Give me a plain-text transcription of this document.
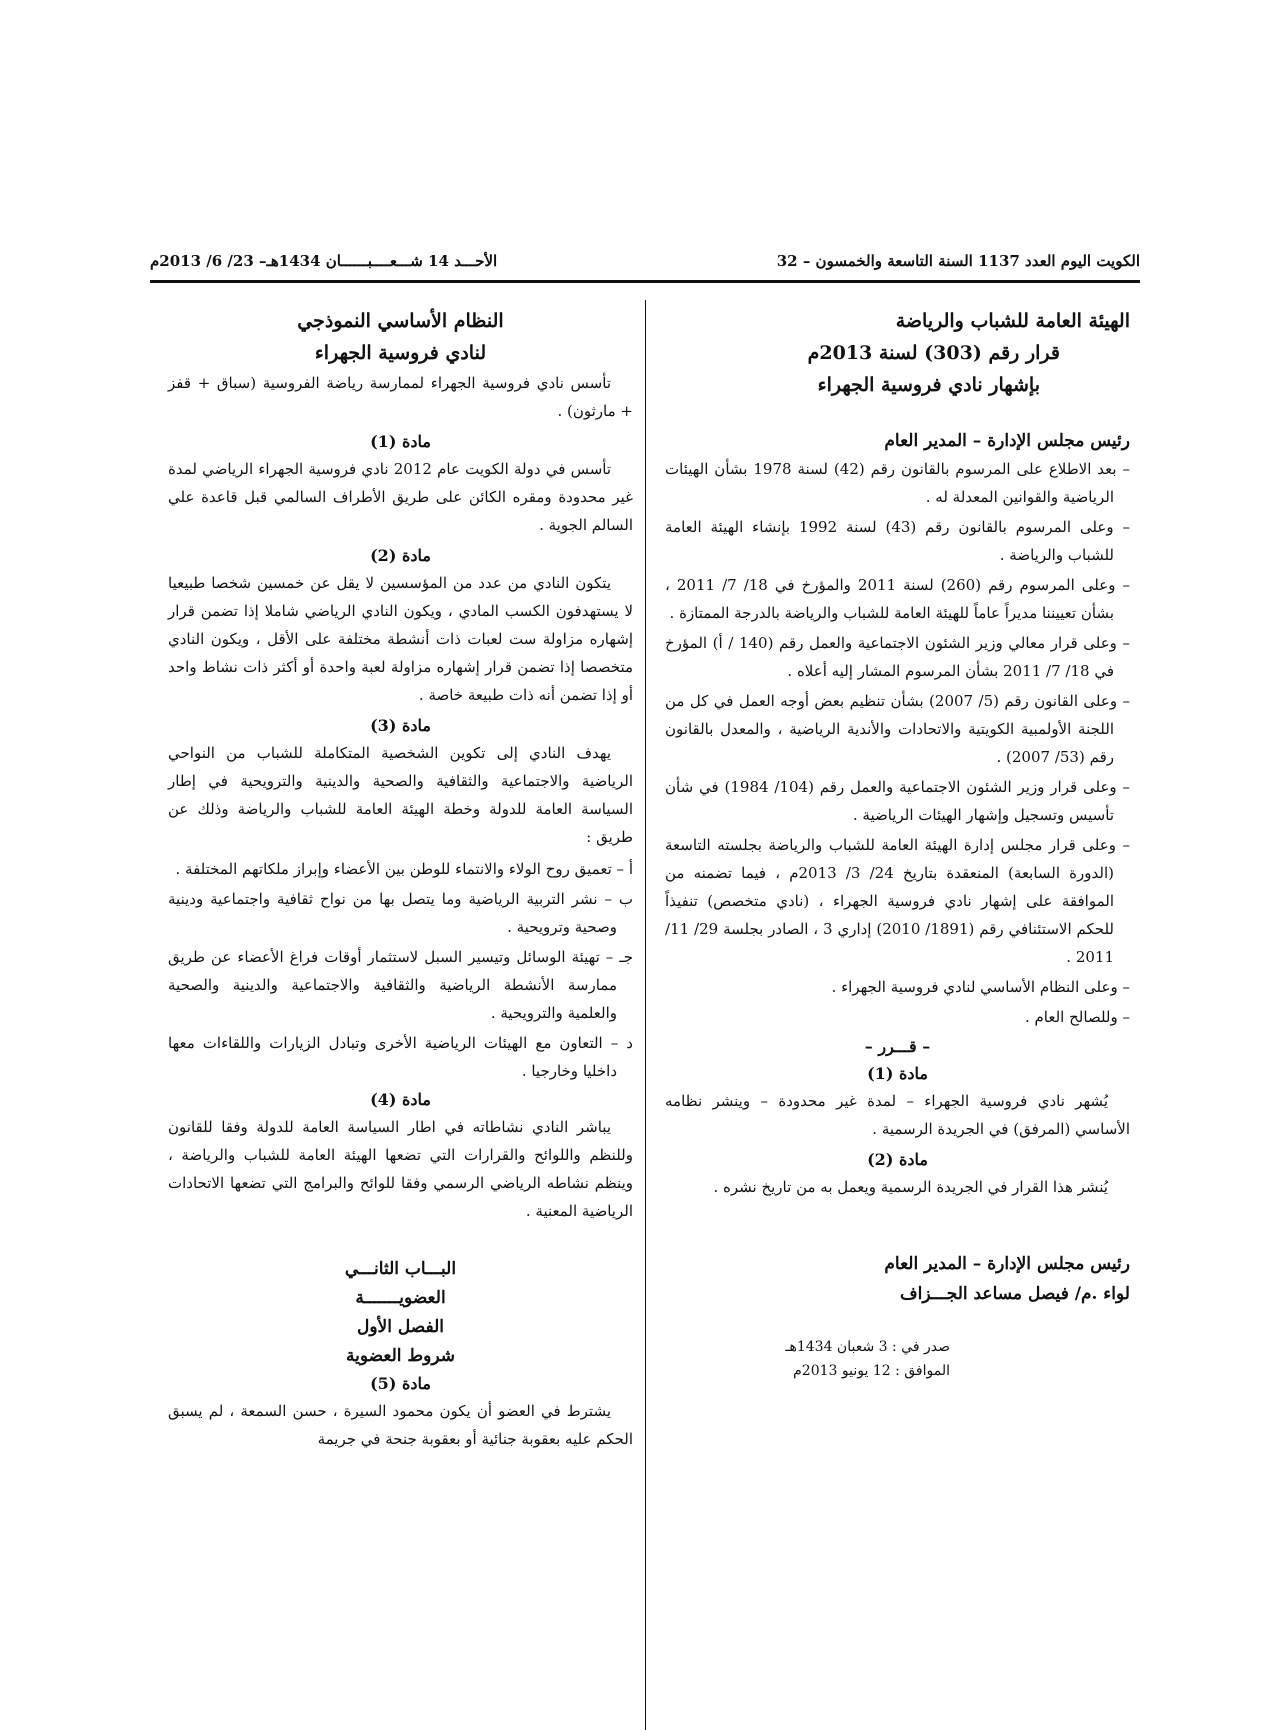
الكويت اليوم العدد 1137 السنة التاسعة والخمسون – 32
الأحـــد 14 شـــعــــبــــــان 1434هـ– 23/ 6/ 2013م
الهيئة العامة للشباب والرياضة
قرار رقم (303) لسنة 2013م
بإشهار نادي فروسية الجهراء
رئيس مجلس الإدارة – المدير العام
– بعد الاطلاع على المرسوم بالقانون رقم (42) لسنة 1978 بشأن الهيئات الرياضية والقوانين المعدلة له .
– وعلى المرسوم بالقانون رقم (43) لسنة 1992 بإنشاء الهيئة العامة للشباب والرياضة .
– وعلى المرسوم رقم (260) لسنة 2011 والمؤرخ في 18/ 7/ 2011 ، بشأن تعييننا مديراً عاماً للهيئة العامة للشباب والرياضة بالدرجة الممتازة .
– وعلى قرار معالي وزير الشئون الاجتماعية والعمل رقم (140 / أ) المؤرخ في 18/ 7/ 2011 بشأن المرسوم المشار إليه أعلاه .
– وعلى القانون رقم (5/ 2007) بشأن تنظيم بعض أوجه العمل في كل من اللجنة الأولمبية الكويتية والاتحادات والأندية الرياضية ، والمعدل بالقانون رقم (53/ 2007) .
– وعلى قرار وزير الشئون الاجتماعية والعمل رقم (104/ 1984) في شأن تأسيس وتسجيل وإشهار الهيئات الرياضية .
– وعلى قرار مجلس إدارة الهيئة العامة للشباب والرياضة بجلسته التاسعة (الدورة السابعة) المنعقدة بتاريخ 24/ 3/ 2013م ، فيما تضمنه من الموافقة على إشهار نادي فروسية الجهراء ، (نادي متخصص) تنفيذاً للحكم الاستئنافي رقم (1891/ 2010) إداري 3 ، الصادر بجلسة 29/ 11/ 2011 .
– وعلى النظام الأساسي لنادي فروسية الجهراء .
– وللصالح العام .
– قـــرر –
مادة (1)
يُشهر نادي فروسية الجهراء – لمدة غير محدودة – وينشر نظامه الأساسي (المرفق) في الجريدة الرسمية .
مادة (2)
يُنشر هذا القرار في الجريدة الرسمية ويعمل به من تاريخ نشره .
رئيس مجلس الإدارة – المدير العام
لواء .م/ فيصل مساعد الجـــزاف
صدر في : 3 شعبان 1434هـ
الموافق : 12 يونيو 2013م
النظام الأساسي النموذجي
لنادي فروسية الجهراء
تأسس نادي فروسية الجهراء لممارسة رياضة الفروسية (سباق + قفز + مارثون) .
مادة (1)
تأسس في دولة الكويت عام 2012 نادي فروسية الجهراء الرياضي لمدة غير محدودة ومقره الكائن على طريق الأطراف السالمي قبل قاعدة علي السالم الجوية .
مادة (2)
يتكون النادي من عدد من المؤسسين لا يقل عن خمسين شخصا طبيعيا لا يستهدفون الكسب المادي ، ويكون النادي الرياضي شاملا إذا تضمن قرار إشهاره مزاولة ست لعبات ذات أنشطة مختلفة على الأقل ، ويكون النادي متخصصا إذا تضمن قرار إشهاره مزاولة لعبة واحدة أو أكثر ذات نشاط واحد أو إذا تضمن أنه ذات طبيعة خاصة .
مادة (3)
يهدف النادي إلى تكوين الشخصية المتكاملة للشباب من النواحي الرياضية والاجتماعية والثقافية والصحية والدينية والترويحية في إطار السياسة العامة للدولة وخطة الهيئة العامة للشباب والرياضة وذلك عن طريق :
أ – تعميق روح الولاء والانتماء للوطن بين الأعضاء وإبراز ملكاتهم المختلفة .
ب – نشر التربية الرياضية وما يتصل بها من نواح ثقافية واجتماعية ودينية وصحية وترويحية .
جـ – تهيئة الوسائل وتيسير السبل لاستثمار أوقات فراغ الأعضاء عن طريق ممارسة الأنشطة الرياضية والثقافية والاجتماعية والدينية والصحية والعلمية والترويحية .
د – التعاون مع الهيئات الرياضية الأخرى وتبادل الزيارات واللقاءات معها داخليا وخارجيا .
مادة (4)
يباشر النادي نشاطاته في اطار السياسة العامة للدولة وفقا للقانون وللنظم واللوائح والقرارات التي تضعها الهيئة العامة للشباب والرياضة ، وينظم نشاطه الرياضي الرسمي وفقا للوائح والبرامج التي تضعها الاتحادات الرياضية المعنية .
البـــاب الثانـــي
العضويـــــــة
الفصل الأول
شروط العضوية
مادة (5)
يشترط في العضو أن يكون محمود السيرة ، حسن السمعة ، لم يسبق الحكم عليه بعقوبة جنائية أو بعقوبة جنحة في جريمة
